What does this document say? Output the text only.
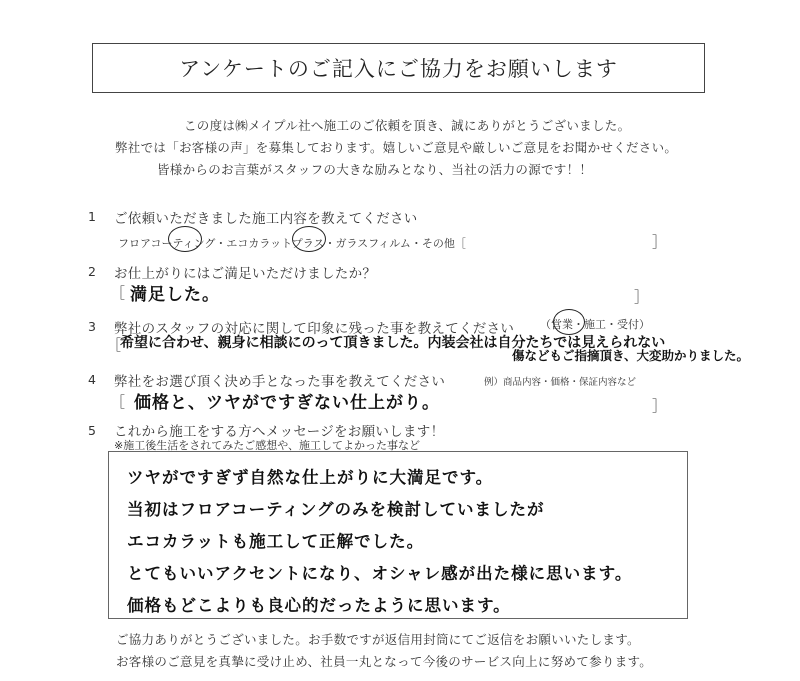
アンケートのご記入にご協力をお願いします
この度は㈱メイプル社へ施工のご依頼を頂き、誠にありがとうございました。
弊社では「お客様の声」を募集しております。嬉しいご意見や厳しいご意見をお聞かせください。
皆様からのお言葉がスタッフの大きな励みとなり、当社の活力の源です！！
1 ご依頼いただきました施工内容を教えてください
フロアコーティング・エコカラットプラス・ガラスフィルム・その他［	］
2 お仕上がりにはご満足いただけましたか？
［ 満足した。	］
3 弊社のスタッフの対応に関して印象に残った事を教えてください （営業・施工・受付）
［
希望に合わせ、親身に相談にのって頂きました。内装会社は自分たちでは見えられない
傷などもご指摘頂き、大変助かりました。
4 弊社をお選び頂く決め手となった事を教えてください	例）商品内容・価格・保証内容など
［ 価格と、ツヤがですぎない仕上がり。	］
5 これから施工をする方へメッセージをお願いします！
※施工後生活をされてみたご感想や、施工してよかった事など
ツヤがですぎず自然な仕上がりに大満足です。
当初はフロアコーティングのみを検討していましたが
エコカラットも施工して正解でした。
とてもいいアクセントになり、オシャレ感が出た様に思います。
価格もどこよりも良心的だったように思います。
ご協力ありがとうございました。お手数ですが返信用封筒にてご返信をお願いいたします。
お客様のご意見を真摯に受け止め、社員一丸となって今後のサービス向上に努めて参ります。
